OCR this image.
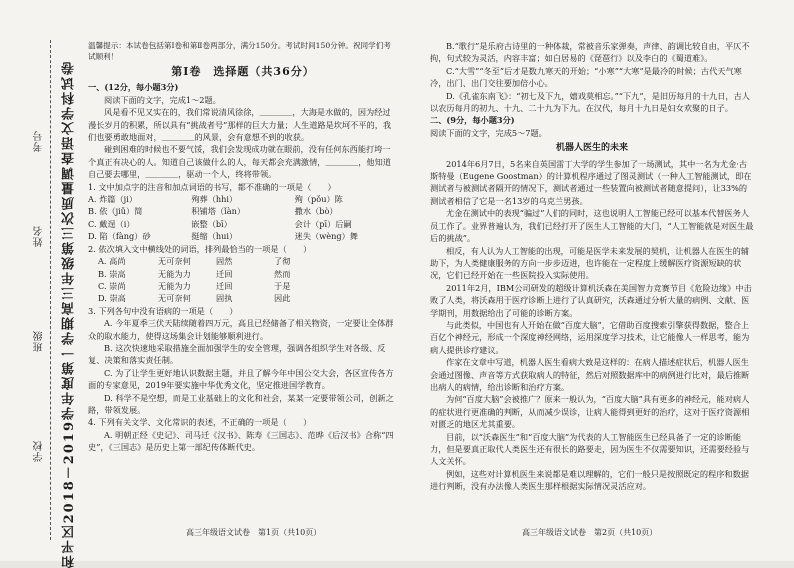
和平区2018－2019学年度第一学期高三年级第三次质量调查语文学科试卷
学校
班级
姓名
考号

温馨提示：本试卷包括第Ⅰ卷和第Ⅱ卷两部分，满分150分。考试时间150分钟。祝同学们考试顺利！

第Ⅰ卷　选择题（共36分）

一、(12分，每小题3分)

阅读下面的文字，完成1～2题。

风是看不见又实在的，我们常说清风徐徐，＿＿＿＿，大海是水做的，因为经过漫长岁月的积累，所以具有“挑战者号”那样的巨大力量；人生道路是坎坷不平的，我们也要勇敢地面对，＿＿＿＿的风景，会有意想不到的收获。

碰到困难的时候也不要气馁，我们会发现成功就在眼前，没有任何东西能打垮一个真正有决心的人。知道自己该做什么的人，每天都会充满激情，＿＿＿＿，他知道自己要去哪里，＿＿＿＿，驱动一个人，终将带领。

1. 文中加点字的注音和加点词语的书写，都不准确的一项是（　　）

A. 炸篇（ji）	殉葬（hhi）	殉（pǒu）陈
B. 依（jiǔ）简	积铺塔（ǐàn）	撒水（bò）
C. 戴逞（i）	嵌整（bī）	会计（pī）后嗣
D. 陷（fàng）砂	挺缩（hui）	迷失（wèng）舞

2. 依次填入文中横线处的词语，排列最恰当的一项是（　　）

A. 高尚	无可奈何	固然	了彻
B. 崇高	无能为力	迁回	然而
C. 崇尚	无能为力	迁回	于是
D. 崇高	无可奈何	固执	因此

3. 下列各句中没有语病的一项是（　　）

A. 今年夏季三伏天陆续随着四万元，高且已经储备了相关物资，一定要让全体群众的取水能力，使得这场集会计划能够顺利进行。

B. 这次快速地采取措施全面加强学生的安全管理，强调各组织学生对各级、反复、决策和落实责任制。

C. 为了让学生更好地认识数据主题，并且了解今年中国公交大会，各区宣传各方面的专家意见，2019年要实施中华优秀文化，坚定推进国学教育。

D. 科学不是空想，而是工业基础上的文化和社会，某某一定要带领公司，创新之路，带领发展。

4. 下列有关文学、文化常识的表述，不正确的一项是（　　）

A. 明朝正经《史记》、司马迁《汉书》、陈寿《三国志》、范晔《后汉书》合称“四史”，《三国志》是历史上第一部纪传体断代史。

高三年级语文试卷　第1页（共10页）

B.“歌行”是乐府古诗里的一种体裁，常被音乐家弹奏，声律、韵调比较自由，平仄不拘，句式较为灵活，内容丰富；如白居易的《琵琶行》以及李白的《蜀道难》。

C.“大雪”“冬至”后才是数九寒天的开始；“小寒”“大寒”是最冷的时候；古代天气寒冷，出门、出门交往要加倍小心。

D.《孔雀东南飞》：“初七及下九，嬉戏莫相忘。”“下九”，是旧历每月的十九日，古人以农历每月的初九、十九、二十九为下九。在汉代，每月十九日是妇女欢聚的日子。

二、(9分，每小题3分)

阅读下面的文字，完成5～7题。

机器人医生的未来

2014年6月7日，5名来自英国雷丁大学的学生参加了一场测试，其中一名为尤金·古斯特曼（Eugene Goostman）的计算机程序通过了图灵测试（一种人工智能测试，即在测试者与被测试者隔开的情况下，测试者通过一些装置向被测试者随意提问），让33%的测试者相信了它是一名13岁的乌克兰男孩。

尤金在测试中的表现“骗过”人们的同时，这也说明人工智能已经可以基本代替医务人员工作了。业界普遍认为，我们已经打开了医生人工智能的大门，“人工智能就是对医生最后的挑战”。

相反，有人认为人工智能的出现，可能是医学未来发展的契机，让机器人在医生的辅助下，为人类健康服务的方向一步步迈进，也许能在一定程度上缓解医疗资源短缺的状况，它们已经开始在一些医院投入实际使用。

2011年2月，IBM公司研发的超级计算机沃森在美国智力竞赛节目《危险边缘》中击败了人类，将沃森用于医疗诊断上进行了认真研究，沃森通过分析大量的病例、文献、医学期刊，用数据给出了可能的诊断方案。

与此类似，中国也有人开始在做“百度大脑”，它借助百度搜索引擎获得数据，整合上百亿个神经元，形成一个深度神经网络，运用深度学习技术，让它能像人一样思考，能为病人提供诊疗建议。

作家在文章中写道，机器人医生看病大致是这样的：在病人描述症状后，机器人医生会通过图像、声音等方式获取病人的特征，然后对照数据库中的病例进行比对，最后推断出病人的病情，给出诊断和治疗方案。

为何“百度大脑”会被推广？原来一般认为，“百度大脑”具有更多的神经元，能对病人的症状进行更准确的判断，从而减少误诊，让病人能得到更好的治疗，这对于医疗资源相对匮乏的地区尤其重要。

目前，以“沃森医生”和“百度大脑”为代表的人工智能医生已经具备了一定的诊断能力，但是要真正取代人类医生还有很长的路要走，因为医生不仅需要知识，还需要经验与人文关怀。

例如，这些对计算机医生来说都是难以理解的，它们一般只是按照既定的程序和数据进行判断，没有办法像人类医生那样根据实际情况灵活应对。

高三年级语文试卷　第2页（共10页）
